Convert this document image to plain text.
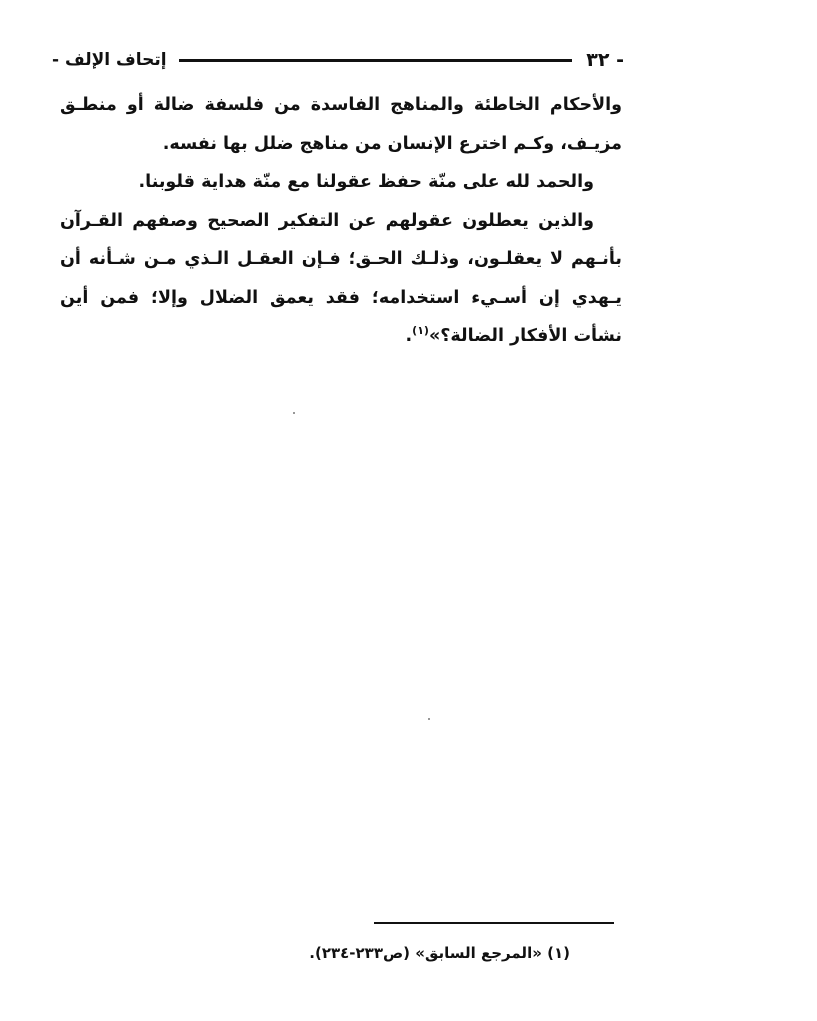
- ٣٢
إتحاف الإلف -

والأحكام الخاطئة والمناهج الفاسدة من فلسفة ضالة أو منطـق مزيـف، وكـم اخترع الإنسان من مناهج ضلل بها نفسه.

والحمد لله على منّة حفظ عقولنا مع منّة هداية قلوبنا.

والذين يعطلون عقولهم عن التفكير الصحيح وصفهم القـرآن بأنـهم لا يعقلـون، وذلـك الحـق؛ فـإن العقـل الـذي مـن شـأنه أن يـهدي إن أسـيء استخدامه؛ فقد يعمق الضلال وإلا؛ فمن أين نشأت الأفكار الضالة؟»$^{(١)}$.

(١) «المرجع السابق» (ص٢٣٣-٢٣٤).
